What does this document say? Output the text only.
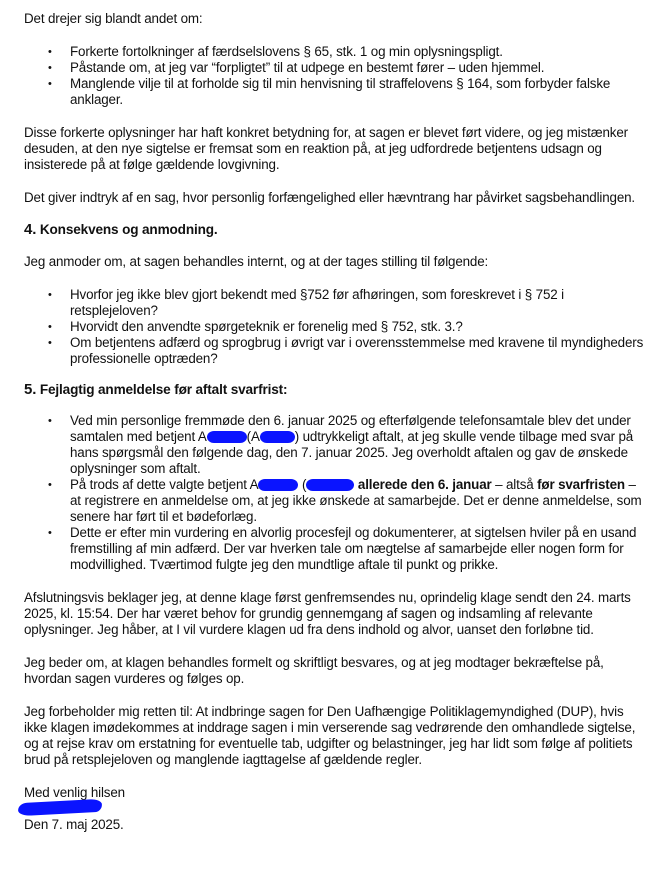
Det drejer sig blandt andet om:

• Forkerte fortolkninger af færdselslovens § 65, stk. 1 og min oplysningspligt.
• Påstande om, at jeg var “forpligtet” til at udpege en bestemt fører – uden hjemmel.
• Manglende vilje til at forholde sig til min henvisning til straffelovens § 164, som forbyder falske anklager.

Disse forkerte oplysninger har haft konkret betydning for, at sagen er blevet ført videre, og jeg mistænker desuden, at den nye sigtelse er fremsat som en reaktion på, at jeg udfordrede betjentens udsagn og insisterede på at følge gældende lovgivning.

Det giver indtryk af en sag, hvor personlig forfængelighed eller hævntrang har påvirket sagsbehandlingen.

4. Konsekvens og anmodning.

Jeg anmoder om, at sagen behandles internt, og at der tages stilling til følgende:

• Hvorfor jeg ikke blev gjort bekendt med §752 før afhøringen, som foreskrevet i § 752 i retsplejeloven?
• Hvorvidt den anvendte spørgeteknik er forenelig med § 752, stk. 3.?
• Om betjentens adfærd og sprogbrug i øvrigt var i overensstemmelse med kravene til myndigheders professionelle optræden?

5. Fejlagtig anmeldelse før aftalt svarfrist:

• Ved min personlige fremmøde den 6. januar 2025 og efterfølgende telefonsamtale blev det under samtalen med betjent A	(A	) udtrykkeligt aftalt, at jeg skulle vende tilbage med svar på hans spørgsmål den følgende dag, den 7. januar 2025. Jeg overholdt aftalen og gav de ønskede oplysninger som aftalt.
• På trods af dette valgte betjent A	(	allerede den 6. januar – altså før svarfristen – at registrere en anmeldelse om, at jeg ikke ønskede at samarbejde. Det er denne anmeldelse, som senere har ført til et bødeforlæg.
• Dette er efter min vurdering en alvorlig procesfejl og dokumenterer, at sigtelsen hviler på en usand fremstilling af min adfærd. Der var hverken tale om nægtelse af samarbejde eller nogen form for modvillighed. Tværtimod fulgte jeg den mundtlige aftale til punkt og prikke.

Afslutningsvis beklager jeg, at denne klage først genfremsendes nu, oprindelig klage sendt den 24. marts 2025, kl. 15:54. Der har været behov for grundig gennemgang af sagen og indsamling af relevante oplysninger. Jeg håber, at I vil vurdere klagen ud fra dens indhold og alvor, uanset den forløbne tid.

Jeg beder om, at klagen behandles formelt og skriftligt besvares, og at jeg modtager bekræftelse på, hvordan sagen vurderes og følges op.

Jeg forbeholder mig retten til: At indbringe sagen for Den Uafhængige Politiklagemyndighed (DUP), hvis ikke klagen imødekommes at inddrage sagen i min verserende sag vedrørende den omhandlede sigtelse, og at rejse krav om erstatning for eventuelle tab, udgifter og belastninger, jeg har lidt som følge af politiets brud på retsplejeloven og manglende iagttagelse af gældende regler.

Med venlig hilsen

Den 7. maj 2025.
